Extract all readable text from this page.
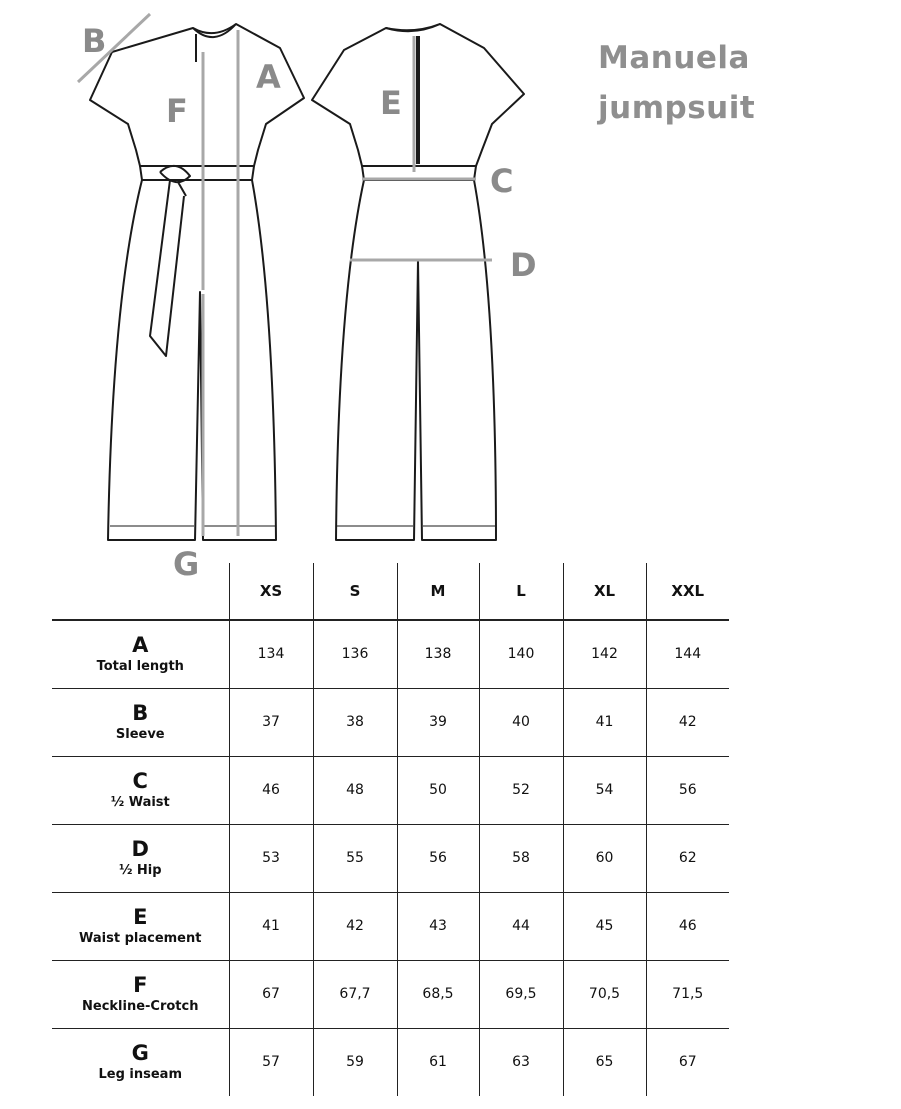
B
A
F	E
C
D
G
Manuela
jumpsuit
	XS	S	M	L	XL	XXL

A
Total length	134	136	138	140	142	144

B
Sleeve	37	38	39	40	41	42

C
½ Waist	46	48	50	52	54	56

D
½ Hip	53	55	56	58	60	62

E
Waist placement	41	42	43	44	45	46

F
Neckline-Crotch	67	67,7	68,5	69,5	70,5	71,5

G
Leg inseam	57	59	61	63	65	67
